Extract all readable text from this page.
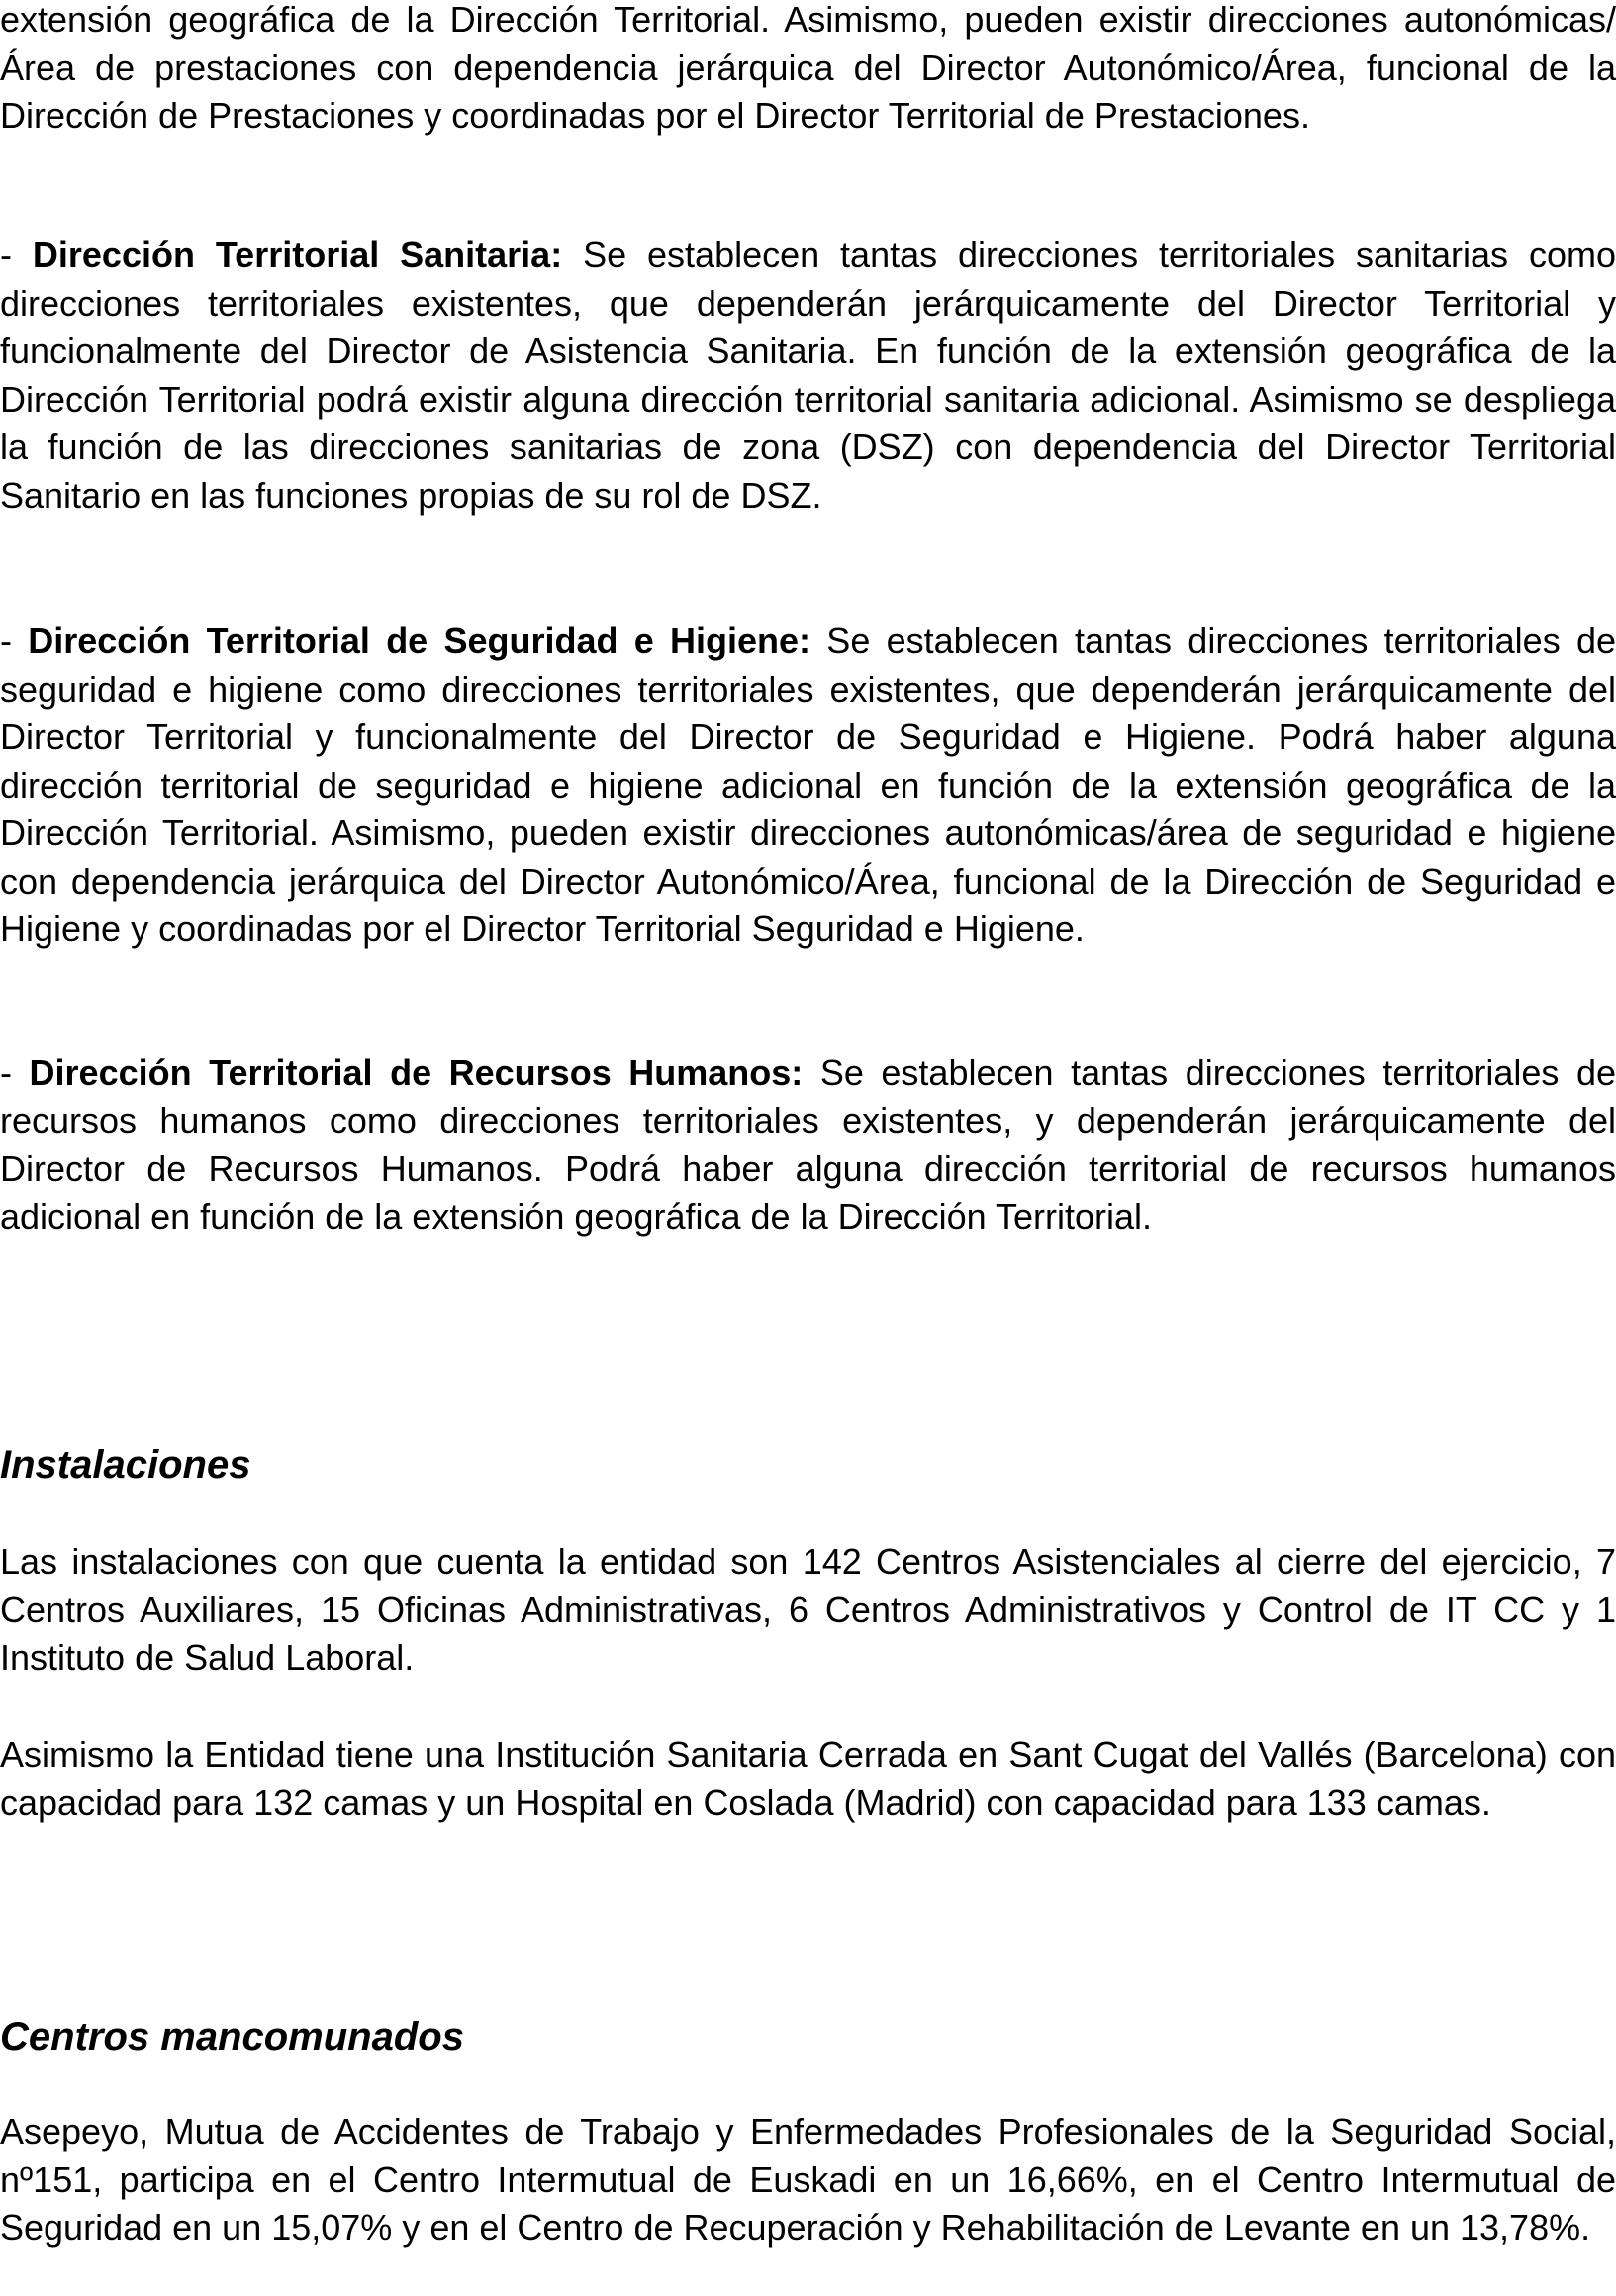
extensión geográfica de la Dirección Territorial. Asimismo, pueden existir direcciones autonómicas/Área de prestaciones con dependencia jerárquica del Director Autonómico/Área, funcional de la Dirección de Prestaciones y coordinadas por el Director Territorial de Prestaciones.

- Dirección Territorial Sanitaria: Se establecen tantas direcciones territoriales sanitarias como direcciones territoriales existentes, que dependerán jerárquicamente del Director Territorial y funcionalmente del Director de Asistencia Sanitaria. En función de la extensión geográfica de la Dirección Territorial podrá existir alguna dirección territorial sanitaria adicional. Asimismo se despliega la función de las direcciones sanitarias de zona (DSZ) con dependencia del Director Territorial Sanitario en las funciones propias de su rol de DSZ.

- Dirección Territorial de Seguridad e Higiene: Se establecen tantas direcciones territoriales de seguridad e higiene como direcciones territoriales existentes, que dependerán jerárquicamente del Director Territorial y funcionalmente del Director de Seguridad e Higiene. Podrá haber alguna dirección territorial de seguridad e higiene adicional en función de la extensión geográfica de la Dirección Territorial. Asimismo, pueden existir direcciones autonómicas/área de seguridad e higiene con dependencia jerárquica del Director Autonómico/Área, funcional de la Dirección de Seguridad e Higiene y coordinadas por el Director Territorial Seguridad e Higiene.

- Dirección Territorial de Recursos Humanos: Se establecen tantas direcciones territoriales de recursos humanos como direcciones territoriales existentes, y dependerán jerárquicamente del Director de Recursos Humanos. Podrá haber alguna dirección territorial de recursos humanos adicional en función de la extensión geográfica de la Dirección Territorial.

Instalaciones

Las instalaciones con que cuenta la entidad son 142 Centros Asistenciales al cierre del ejercicio, 7 Centros Auxiliares, 15 Oficinas Administrativas, 6 Centros Administrativos y Control de IT CC y 1 Instituto de Salud Laboral.

Asimismo la Entidad tiene una Institución Sanitaria Cerrada en Sant Cugat del Vallés (Barcelona) con capacidad para 132 camas y un Hospital en Coslada (Madrid) con capacidad para 133 camas.

Centros mancomunados

Asepeyo, Mutua de Accidentes de Trabajo y Enfermedades Profesionales de la Seguridad Social, nº151, participa en el Centro Intermutual de Euskadi en un 16,66%, en el Centro Intermutual de Seguridad en un 15,07% y en el Centro de Recuperación y Rehabilitación de Levante en un 13,78%.
